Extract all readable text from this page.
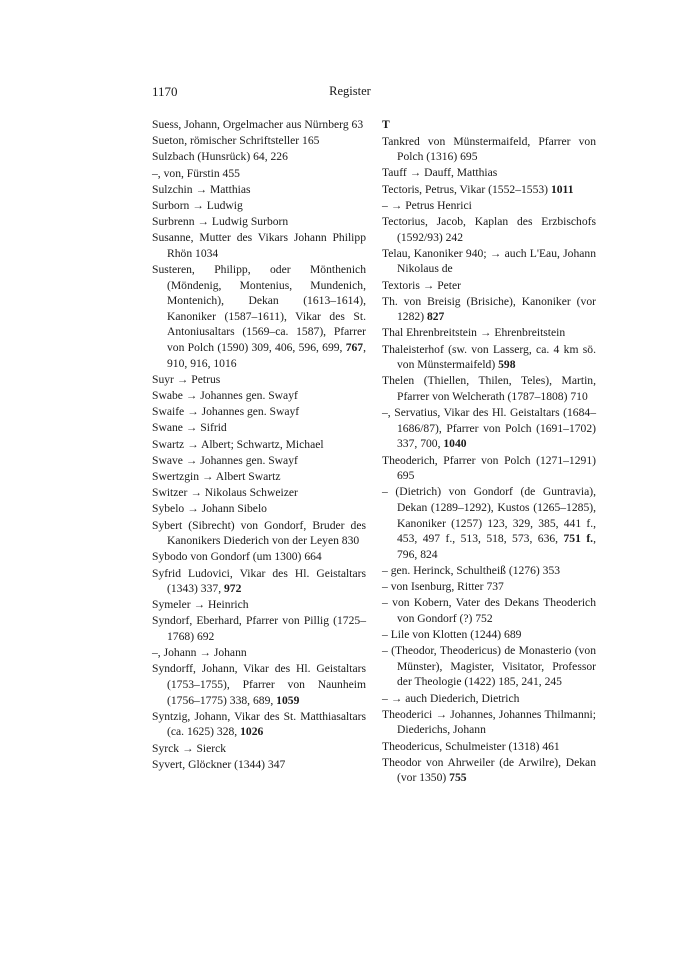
1170	Register
Suess, Johann, Orgelmacher aus Nürnberg 63
Sueton, römischer Schriftsteller 165
Sulzbach (Hunsrück) 64, 226
–, von, Fürstin 455
Sulzchin → Matthias
Surborn → Ludwig
Surbrenn → Ludwig Surborn
Susanne, Mutter des Vikars Johann Philipp Rhön 1034
Susteren, Philipp, oder Mönthenich (Möndenig, Montenius, Mundenich, Montenich), Dekan (1613–1614), Kanoniker (1587–1611), Vikar des St. Antoniusaltars (1569–ca. 1587), Pfarrer von Polch (1590) 309, 406, 596, 699, 767, 910, 916, 1016
Suyr → Petrus
Swabe → Johannes gen. Swayf
Swaife → Johannes gen. Swayf
Swane → Sifrid
Swartz → Albert; Schwartz, Michael
Swave → Johannes gen. Swayf
Swertzgin → Albert Swartz
Switzer → Nikolaus Schweizer
Sybelo → Johann Sibelo
Sybert (Sibrecht) von Gondorf, Bruder des Kanonikers Diederich von der Leyen 830
Sybodo von Gondorf (um 1300) 664
Syfrid Ludovici, Vikar des Hl. Geistaltars (1343) 337, 972
Symeler → Heinrich
Syndorf, Eberhard, Pfarrer von Pillig (1725–1768) 692
–, Johann → Johann
Syndorff, Johann, Vikar des Hl. Geistaltars (1753–1755), Pfarrer von Naunheim (1756–1775) 338, 689, 1059
Syntzig, Johann, Vikar des St. Matthiasaltars (ca. 1625) 328, 1026
Syrck → Sierck
Syvert, Glöckner (1344) 347
T
Tankred von Münstermaifeld, Pfarrer von Polch (1316) 695
Tauff → Dauff, Matthias
Tectoris, Petrus, Vikar (1552–1553) 1011
– → Petrus Henrici
Tectorius, Jacob, Kaplan des Erzbischofs (1592/93) 242
Telau, Kanoniker 940; → auch L'Eau, Johann Nikolaus de
Textoris → Peter
Th. von Breisig (Brisiche), Kanoniker (vor 1282) 827
Thal Ehrenbreitstein → Ehrenbreitstein
Thaleisterhof (sw. von Lasserg, ca. 4 km sö. von Münstermaifeld) 598
Thelen (Thiellen, Thilen, Teles), Martin, Pfarrer von Welcherath (1787–1808) 710
–, Servatius, Vikar des Hl. Geistaltars (1684–1686/87), Pfarrer von Polch (1691–1702) 337, 700, 1040
Theoderich, Pfarrer von Polch (1271–1291) 695
– (Dietrich) von Gondorf (de Guntravia), Dekan (1289–1292), Kustos (1265–1285), Kanoniker (1257) 123, 329, 385, 441 f., 453, 497 f., 513, 518, 573, 636, 751 f., 796, 824
– gen. Herinck, Schultheiß (1276) 353
– von Isenburg, Ritter 737
– von Kobern, Vater des Dekans Theoderich von Gondorf (?) 752
– Lile von Klotten (1244) 689
– (Theodor, Theodericus) de Monasterio (von Münster), Magister, Visitator, Professor der Theologie (1422) 185, 241, 245
– → auch Diederich, Dietrich
Theoderici → Johannes, Johannes Thilmanni; Diederichs, Johann
Theodericus, Schulmeister (1318) 461
Theodor von Ahrweiler (de Arwilre), Dekan (vor 1350) 755
